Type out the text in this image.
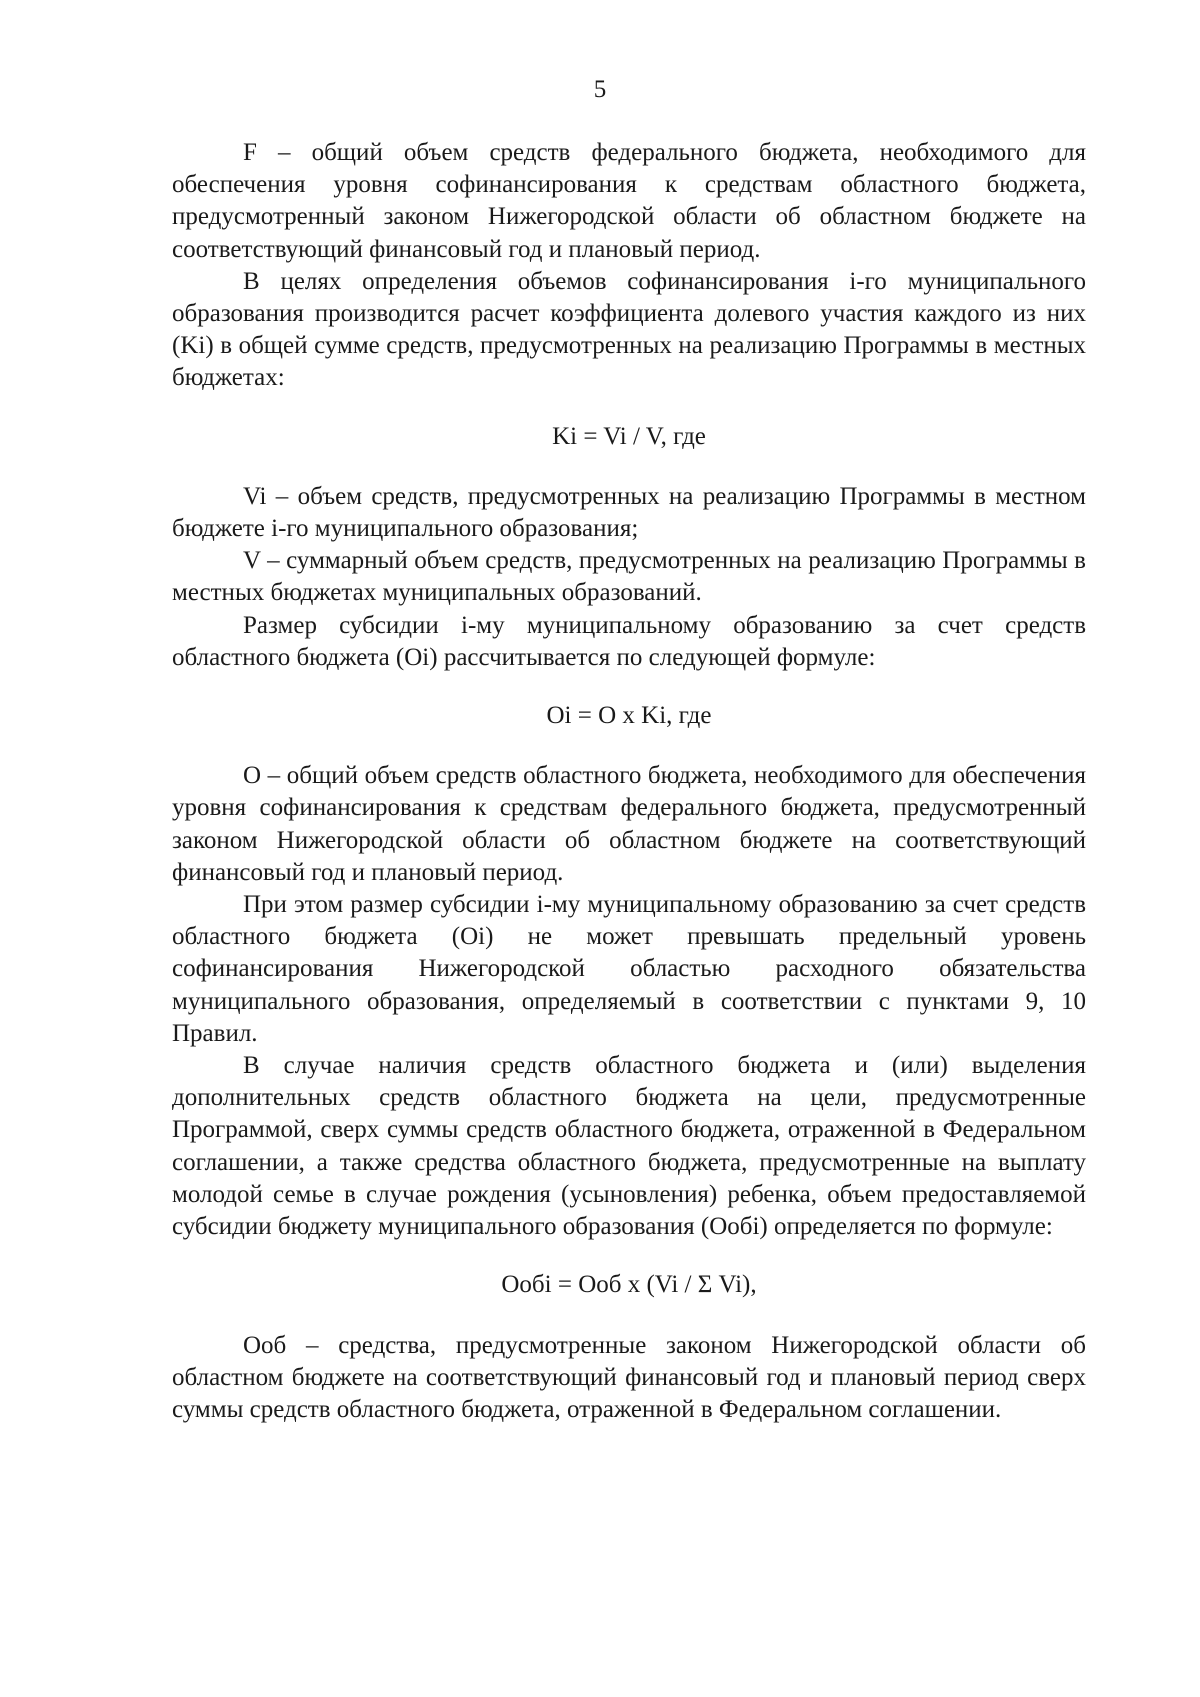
5

F – общий объем средств федерального бюджета, необходимого для обеспечения уровня софинансирования к средствам областного бюджета, предусмотренный законом Нижегородской области об областном бюджете на соответствующий финансовый год и плановый период.

В целях определения объемов софинансирования i-го муниципального образования производится расчет коэффициента долевого участия каждого из них (Ki) в общей сумме средств, предусмотренных на реализацию Программы в местных бюджетах:

Ki = Vi / V, где

Vi – объем средств, предусмотренных на реализацию Программы в местном бюджете i-го муниципального образования;

V – суммарный объем средств, предусмотренных на реализацию Программы в местных бюджетах муниципальных образований.

Размер субсидии i-му муниципальному образованию за счет средств областного бюджета (Oi) рассчитывается по следующей формуле:

Oi = O x Ki, где

O – общий объем средств областного бюджета, необходимого для обеспечения уровня софинансирования к средствам федерального бюджета, предусмотренный законом Нижегородской области об областном бюджете на соответствующий финансовый год и плановый период.

При этом размер субсидии i-му муниципальному образованию за счет средств областного бюджета (Oi) не может превышать предельный уровень софинансирования Нижегородской областью расходного обязательства муниципального образования, определяемый в соответствии с пунктами 9, 10 Правил.

В случае наличия средств областного бюджета и (или) выделения дополнительных средств областного бюджета на цели, предусмотренные Программой, сверх суммы средств областного бюджета, отраженной в Федеральном соглашении, а также средства областного бюджета, предусмотренные на выплату молодой семье в случае рождения (усыновления) ребенка, объем предоставляемой субсидии бюджету муниципального образования (Ообi) определяется по формуле:

Ообi = Ооб x (Vi / Σ Vi),

Ооб – средства, предусмотренные законом Нижегородской области об областном бюджете на соответствующий финансовый год и плановый период сверх суммы средств областного бюджета, отраженной в Федеральном соглашении.
